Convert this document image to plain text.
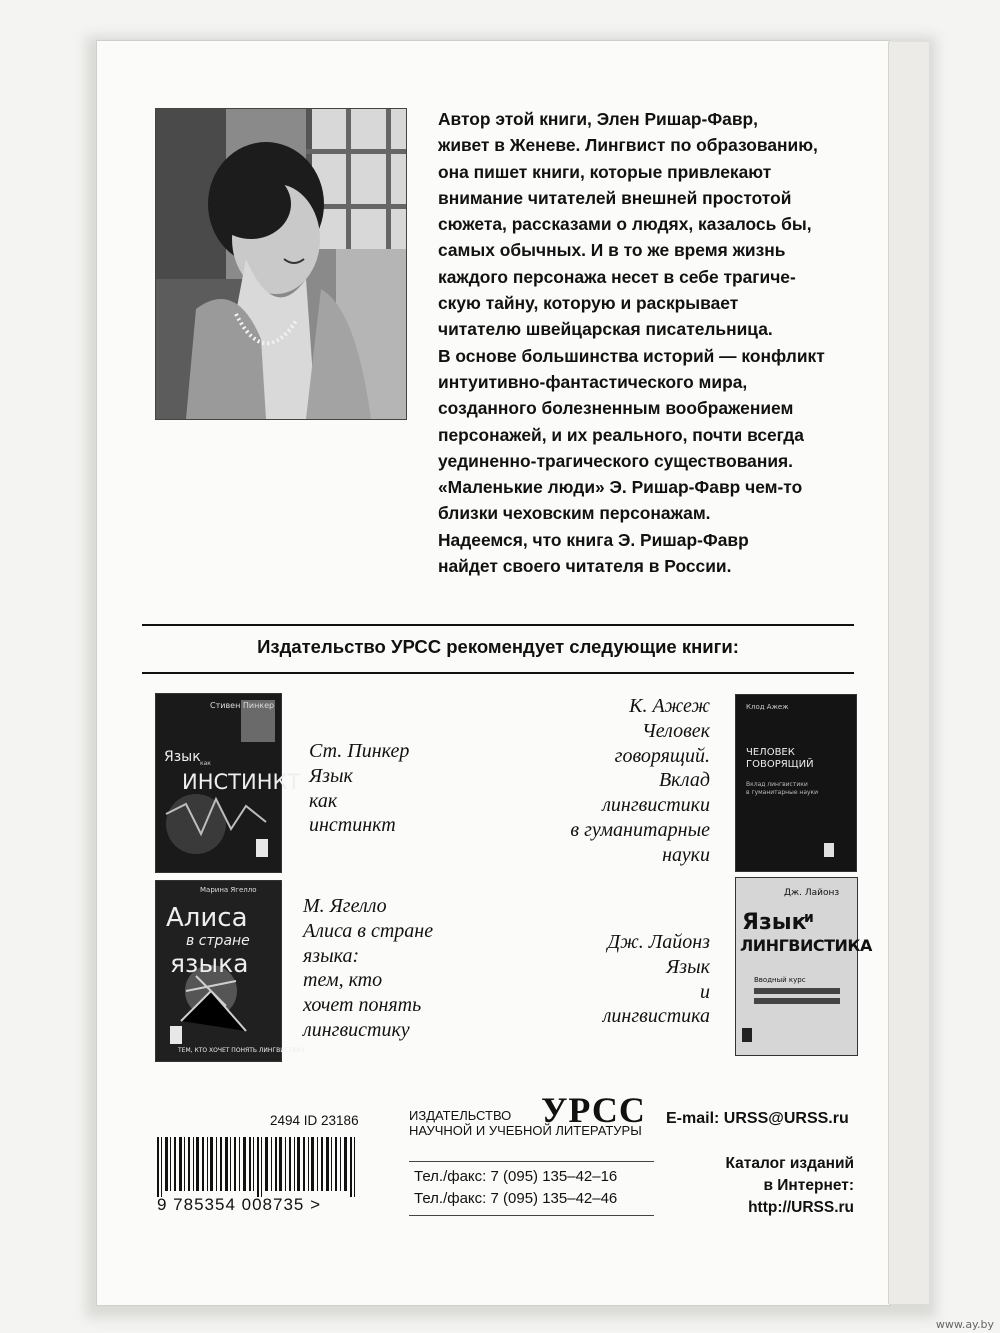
Автор этой книги, Элен Ришар-Фавр,
живет в Женеве. Лингвист по образованию,
она пишет книги, которые привлекают
внимание читателей внешней простотой
сюжета, рассказами о людях, казалось бы,
самых обычных. И в то же время жизнь
каждого персонажа несет в себе трагиче-
скую тайну, которую и раскрывает
читателю швейцарская писательница.
В основе большинства историй — конфликт
интуитивно-фантастического мира,
созданного болезненным воображением
персонажей, и их реального, почти всегда
уединенно-трагического существования.
«Маленькие люди» Э. Ришар-Фавр чем-то
близки чеховским персонажам.
Надеемся, что книга Э. Ришар-Фавр
найдет своего читателя в России.
Издательство УРСС рекомендует следующие книги:
Стивен Пинкер
Язык как
ИНСТИНКТ
Ст. Пинкер
Язык
как
инстинкт
К. Ажеж
Человек
говорящий.
Вклад
лингвистики
в гуманитарные
науки
Клод Ажеж
ЧЕЛОВЕК
ГОВОРЯЩИЙ
Вклад лингвистики
в гуманитарные науки
Марина Ягелло
Алиса
в стране
языка
ТЕМ, КТО ХОЧЕТ ПОНЯТЬ ЛИНГВИСТИКУ
М. Ягелло
Алиса в стране
языка:
тем, кто
хочет понять
лингвистику
Дж. Лайонз
Язык
и
лингвистика
Дж. Лайонз
Язык
и
ЛИНГВИСТИКА
Вводный курс
2494 ID 23186
9 785354 008735 >
ИЗДАТЕЛЬСТВО
НАУЧНОЙ И УЧЕБНОЙ ЛИТЕРАТУРЫ
УРСС
Тел./факс: 7 (095) 135–42–16
Тел./факс: 7 (095) 135–42–46
E-mail: URSS@URSS.ru
Каталог изданий
в Интернет:
http://URSS.ru
www.ay.by
